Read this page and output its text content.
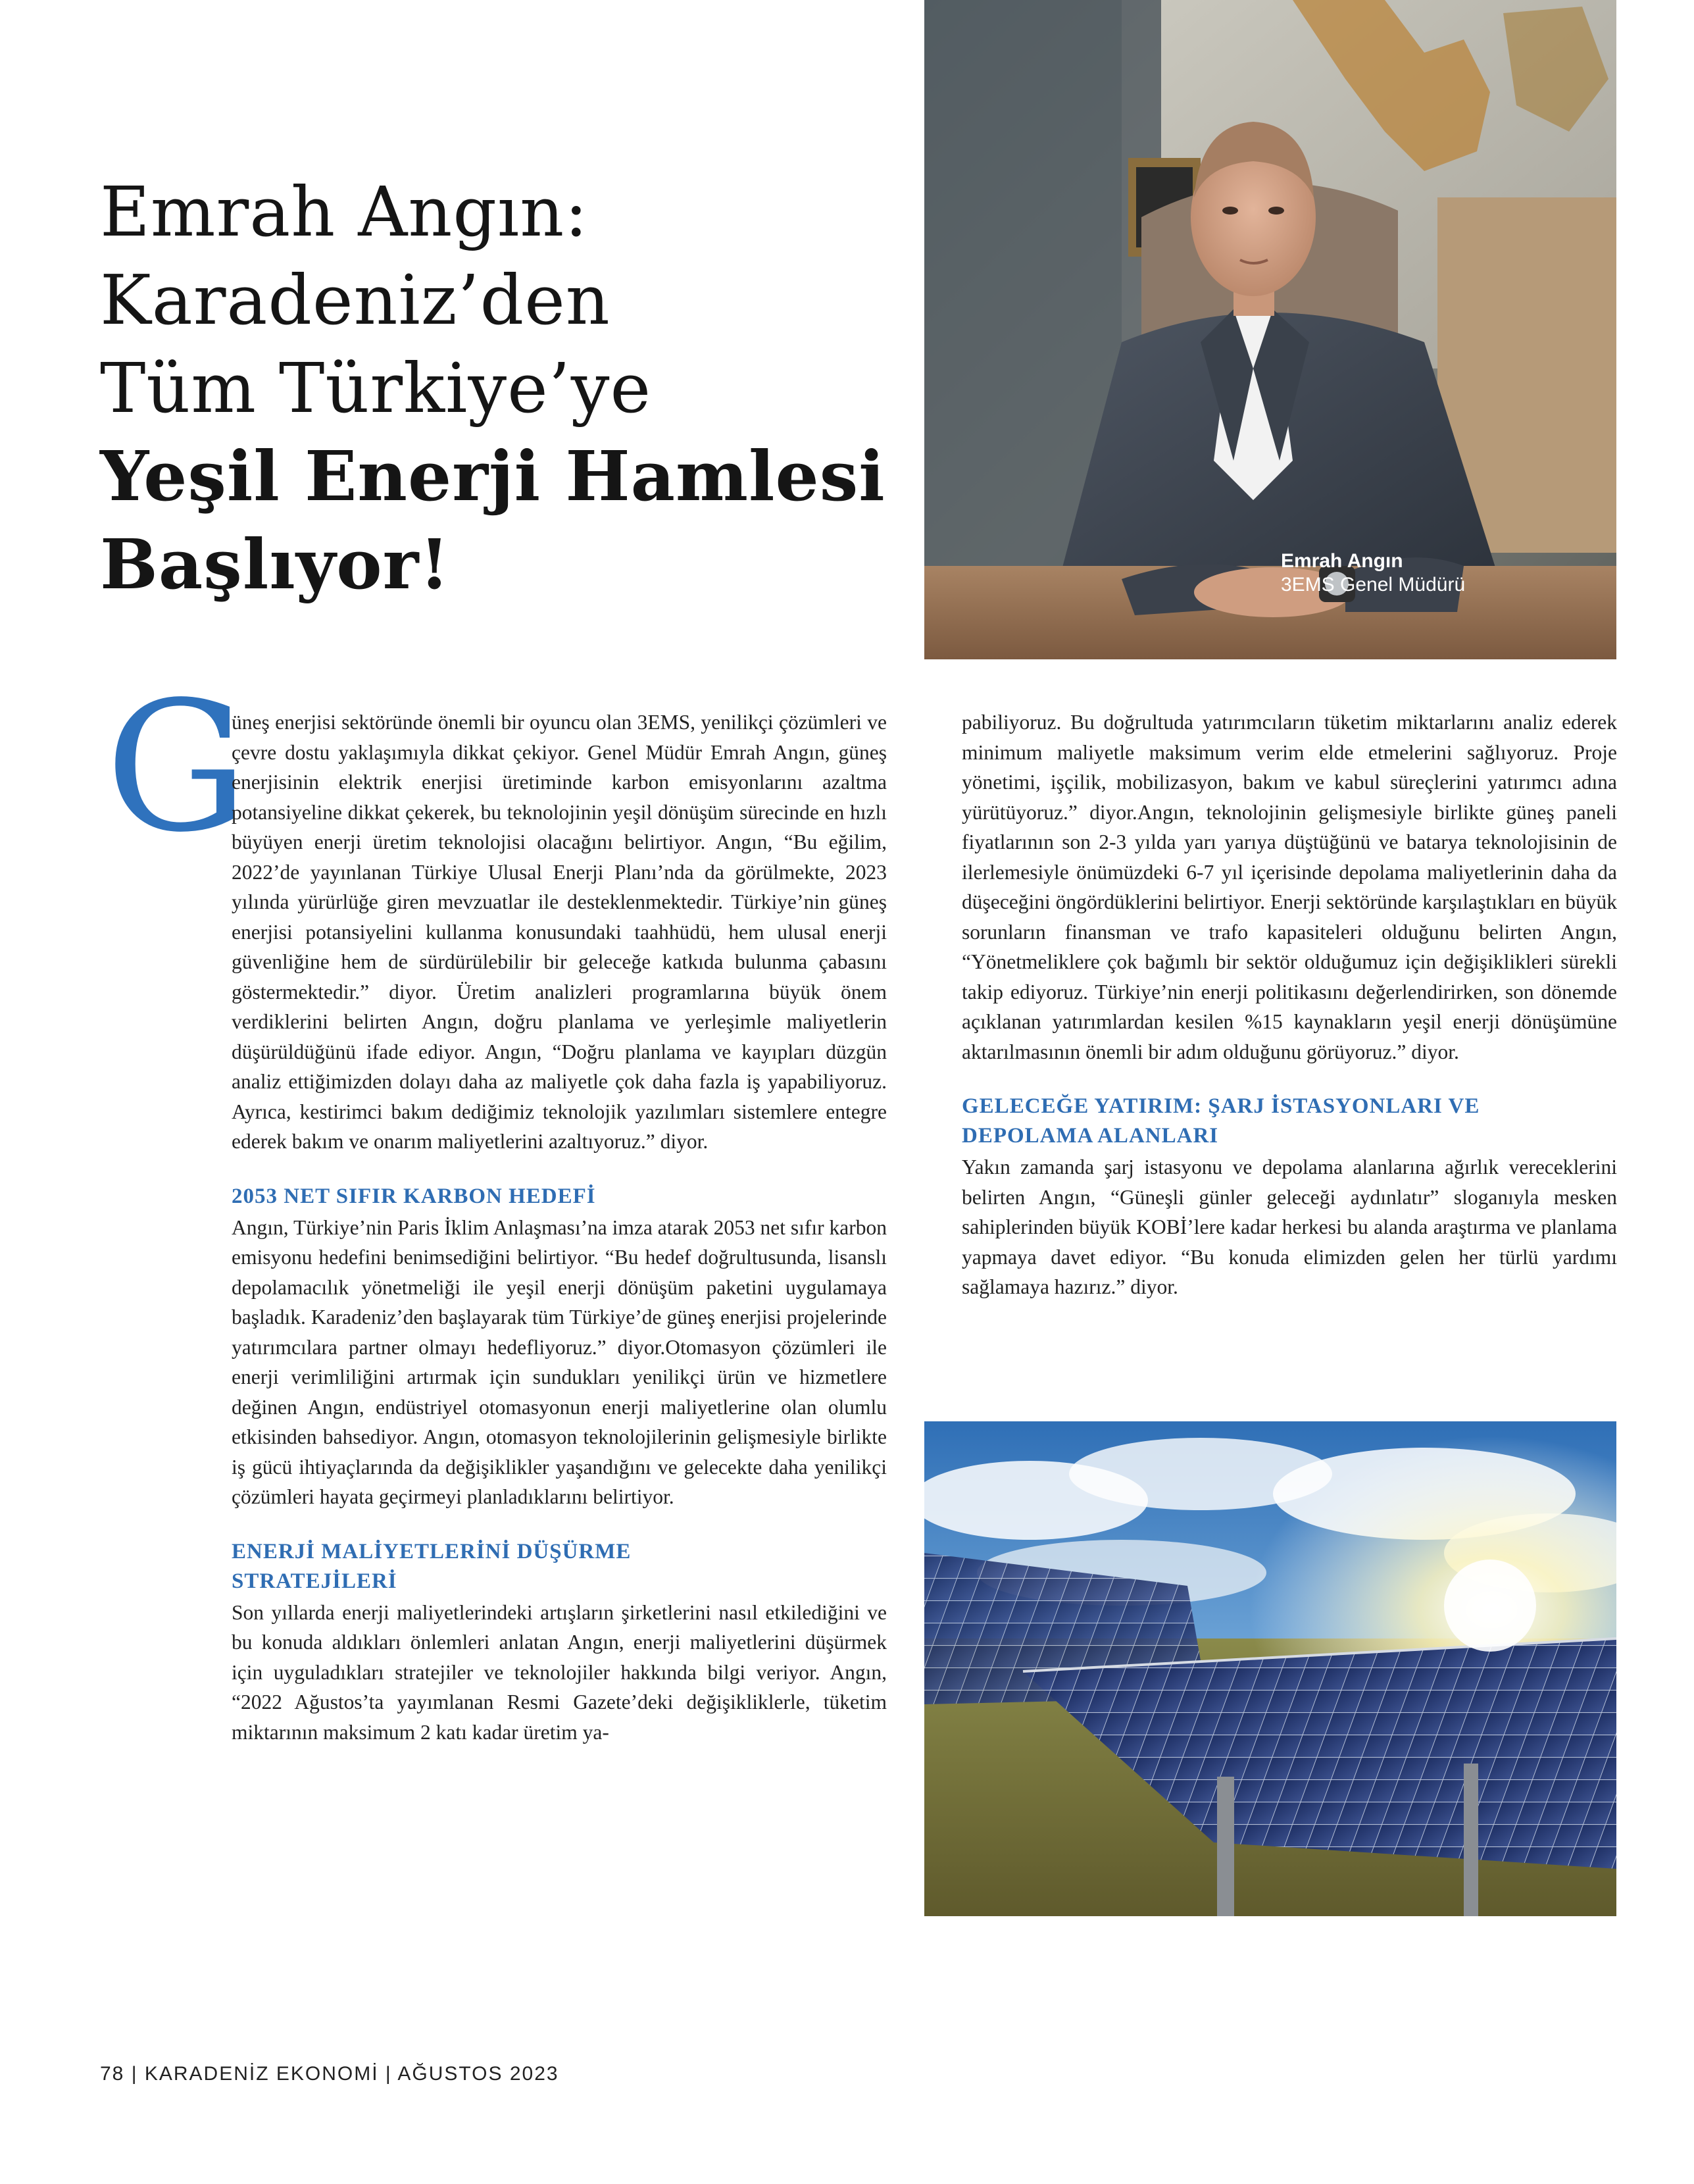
Emrah Angın:
Karadeniz’den
Tüm Türkiye’ye
Yeşil Enerji Hamlesi
Başlıyor!	Emrah Angın
3EMS Genel Müdürü
G

üneş enerjisi sektöründe önemli bir oyuncu olan 3EMS, yenilikçi çözümleri ve çevre dostu yaklaşımıyla dikkat çekiyor. Genel Müdür Emrah Angın, güneş enerjisinin elektrik enerjisi üretiminde karbon emisyonlarını azaltma potansiyeline dikkat çekerek, bu teknolojinin yeşil dönüşüm sürecinde en hızlı büyüyen enerji üretim teknolojisi olacağını belirtiyor. Angın, “Bu eğilim, 2022’de yayınlanan Türkiye Ulusal Enerji Planı’nda da görülmekte, 2023 yılında yürürlüğe giren mevzuatlar ile desteklenmektedir. Türkiye’nin güneş enerjisi potansiyelini kullanma konusundaki taahhüdü, hem ulusal enerji güvenliğine hem de sürdürülebilir bir geleceğe katkıda bulunma çabasını göstermektedir.” diyor. Üretim analizleri programlarına büyük önem verdiklerini belirten Angın, doğru planlama ve yerleşimle maliyetlerin düşürüldüğünü ifade ediyor. Angın, “Doğru planlama ve kayıpları düzgün analiz ettiğimizden dolayı daha az maliyetle çok daha fazla iş yapabiliyoruz. Ayrıca, kestirimci bakım dediğimiz teknolojik yazılımları sistemlere entegre ederek bakım ve onarım maliyetlerini azaltıyoruz.” diyor.

2053 NET SIFIR KARBON HEDEFİ

Angın, Türkiye’nin Paris İklim Anlaşması’na imza atarak 2053 net sıfır karbon emisyonu hedefini benimsediğini belirtiyor. “Bu hedef doğrultusunda, lisanslı depolamacılık yönetmeliği ile yeşil enerji dönüşüm paketini uygulamaya başladık. Karadeniz’den başlayarak tüm Türkiye’de güneş enerjisi projelerinde yatırımcılara partner olmayı hedefliyoruz.” diyor.Otomasyon çözümleri ile enerji verimliliğini artırmak için sundukları yenilikçi ürün ve hizmetlere değinen Angın, endüstriyel otomasyonun enerji maliyetlerine olan olumlu etkisinden bahsediyor. Angın, otomasyon teknolojilerinin gelişmesiyle birlikte iş gücü ihtiyaçlarında da değişiklikler yaşandığını ve gelecekte daha yenilikçi çözümleri hayata geçirmeyi planladıklarını belirtiyor.

ENERJİ MALİYETLERİNİ DÜŞÜRME STRATEJİLERİ

Son yıllarda enerji maliyetlerindeki artışların şirketlerini nasıl etkilediğini ve bu konuda aldıkları önlemleri anlatan Angın, enerji maliyetlerini düşürmek için uyguladıkları stratejiler ve teknolojiler hakkında bilgi veriyor. Angın, “2022 Ağustos’ta yayımlanan Resmi Gazete’deki değişikliklerle, tüketim miktarının maksimum 2 katı kadar üretim ya-

pabiliyoruz. Bu doğrultuda yatırımcıların tüketim miktarlarını analiz ederek minimum maliyetle maksimum verim elde etmelerini sağlıyoruz. Proje yönetimi, işçilik, mobilizasyon, bakım ve kabul süreçlerini yatırımcı adına yürütüyoruz.” diyor.Angın, teknolojinin gelişmesiyle birlikte güneş paneli fiyatlarının son 2-3 yılda yarı yarıya düştüğünü ve batarya teknolojisinin de ilerlemesiyle önümüzdeki 6-7 yıl içerisinde depolama maliyetlerinin daha da düşeceğini öngördüklerini belirtiyor. Enerji sektöründe karşılaştıkları en büyük sorunların finansman ve trafo kapasiteleri olduğunu belirten Angın, “Yönetmeliklere çok bağımlı bir sektör olduğumuz için değişiklikleri sürekli takip ediyoruz. Türkiye’nin enerji politikasını değerlendirirken, son dönemde açıklanan yatırımlardan kesilen %15 kaynakların yeşil enerji dönüşümüne aktarılmasının önemli bir adım olduğunu görüyoruz.” diyor.

GELECEĞE YATIRIM: ŞARJ İSTASYONLARI VE DEPOLAMA ALANLARI

Yakın zamanda şarj istasyonu ve depolama alanlarına ağırlık vereceklerini belirten Angın, “Güneşli günler geleceği aydınlatır” sloganıyla mesken sahiplerinden büyük KOBİ’lere kadar herkesi bu alanda araştırma ve planlama yapmaya davet ediyor. “Bu konuda elimizden gelen her türlü yardımı sağlamaya hazırız.” diyor.

78 | KARADENİZ EKONOMİ | AĞUSTOS 2023
